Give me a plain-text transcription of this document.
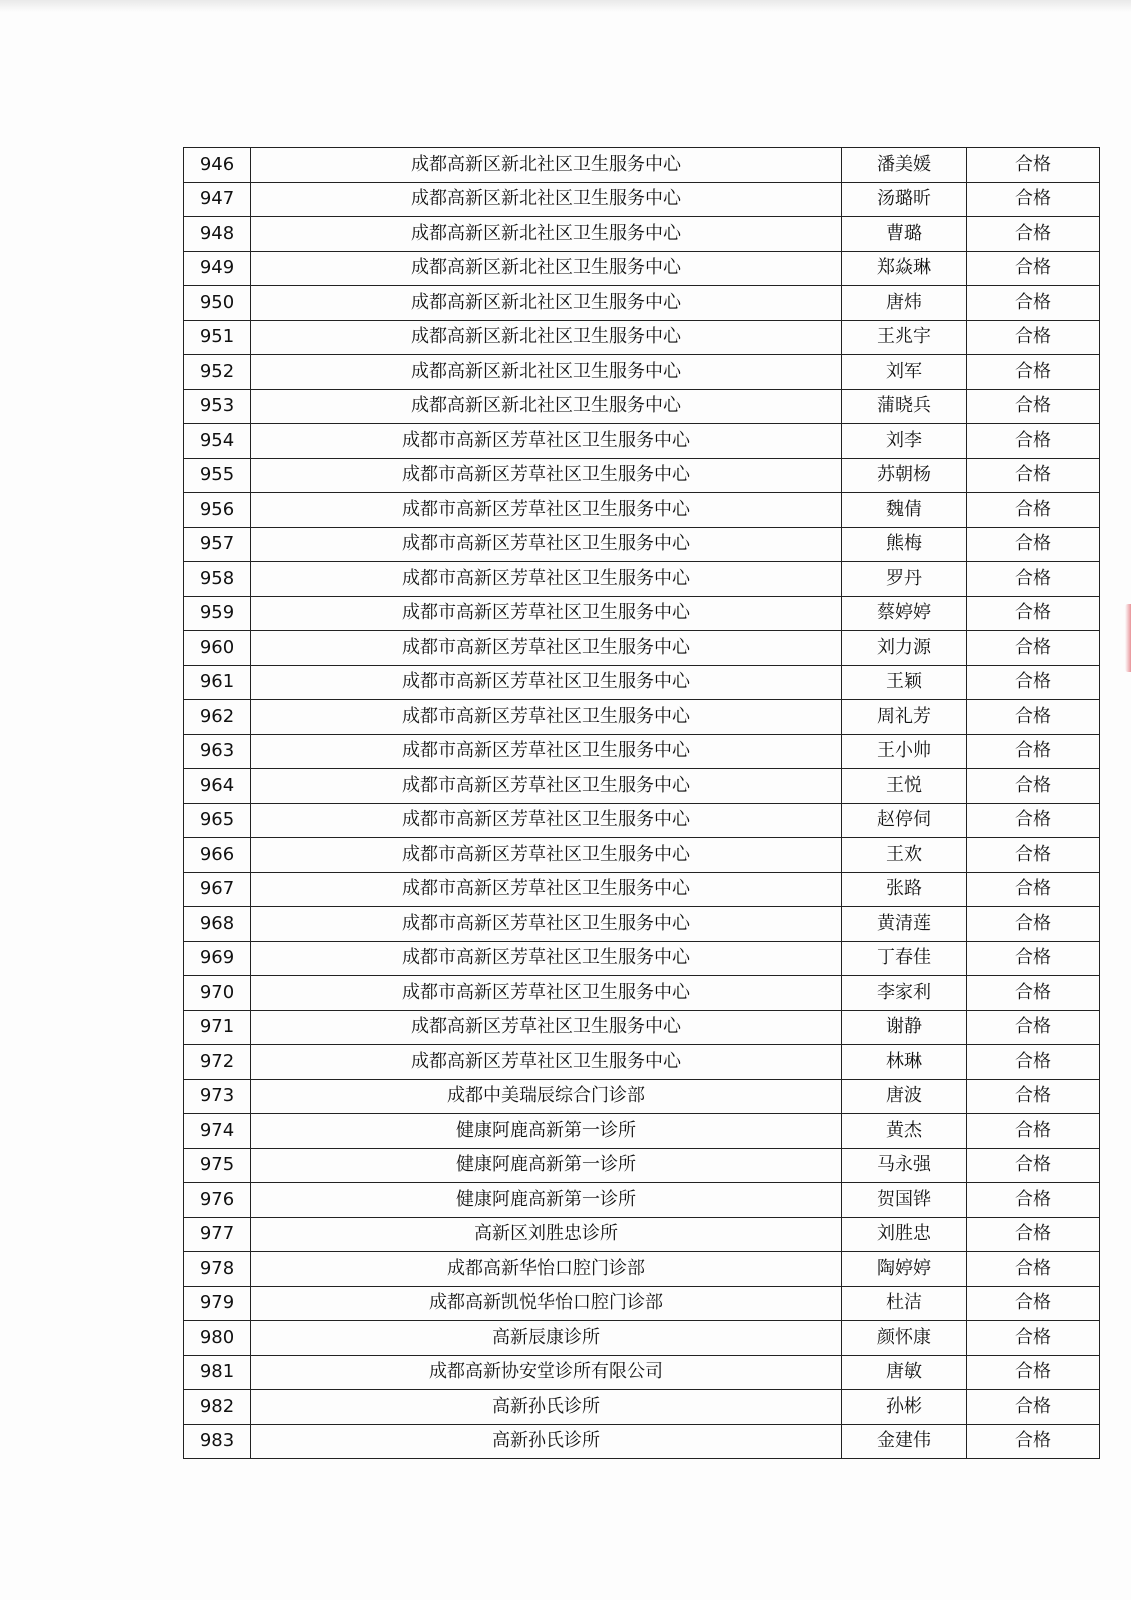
946	成都高新区新北社区卫生服务中心	潘美媛	合格
947	成都高新区新北社区卫生服务中心	汤璐昕	合格
948	成都高新区新北社区卫生服务中心	曹璐	合格
949	成都高新区新北社区卫生服务中心	郑焱琳	合格
950	成都高新区新北社区卫生服务中心	唐炜	合格
951	成都高新区新北社区卫生服务中心	王兆宇	合格
952	成都高新区新北社区卫生服务中心	刘军	合格
953	成都高新区新北社区卫生服务中心	蒲晓兵	合格
954	成都市高新区芳草社区卫生服务中心	刘李	合格
955	成都市高新区芳草社区卫生服务中心	苏朝杨	合格
956	成都市高新区芳草社区卫生服务中心	魏倩	合格
957	成都市高新区芳草社区卫生服务中心	熊梅	合格
958	成都市高新区芳草社区卫生服务中心	罗丹	合格
959	成都市高新区芳草社区卫生服务中心	蔡婷婷	合格
960	成都市高新区芳草社区卫生服务中心	刘力源	合格
961	成都市高新区芳草社区卫生服务中心	王颖	合格
962	成都市高新区芳草社区卫生服务中心	周礼芳	合格
963	成都市高新区芳草社区卫生服务中心	王小帅	合格
964	成都市高新区芳草社区卫生服务中心	王悦	合格
965	成都市高新区芳草社区卫生服务中心	赵停伺	合格
966	成都市高新区芳草社区卫生服务中心	王欢	合格
967	成都市高新区芳草社区卫生服务中心	张路	合格
968	成都市高新区芳草社区卫生服务中心	黄清莲	合格
969	成都市高新区芳草社区卫生服务中心	丁春佳	合格
970	成都市高新区芳草社区卫生服务中心	李家利	合格
971	成都高新区芳草社区卫生服务中心	谢静	合格
972	成都高新区芳草社区卫生服务中心	林琳	合格
973	成都中美瑞辰综合门诊部	唐波	合格
974	健康阿鹿高新第一诊所	黄杰	合格
975	健康阿鹿高新第一诊所	马永强	合格
976	健康阿鹿高新第一诊所	贺国铧	合格
977	高新区刘胜忠诊所	刘胜忠	合格
978	成都高新华怡口腔门诊部	陶婷婷	合格
979	成都高新凯悦华怡口腔门诊部	杜洁	合格
980	高新辰康诊所	颜怀康	合格
981	成都高新协安堂诊所有限公司	唐敏	合格
982	高新孙氏诊所	孙彬	合格
983	高新孙氏诊所	金建伟	合格
